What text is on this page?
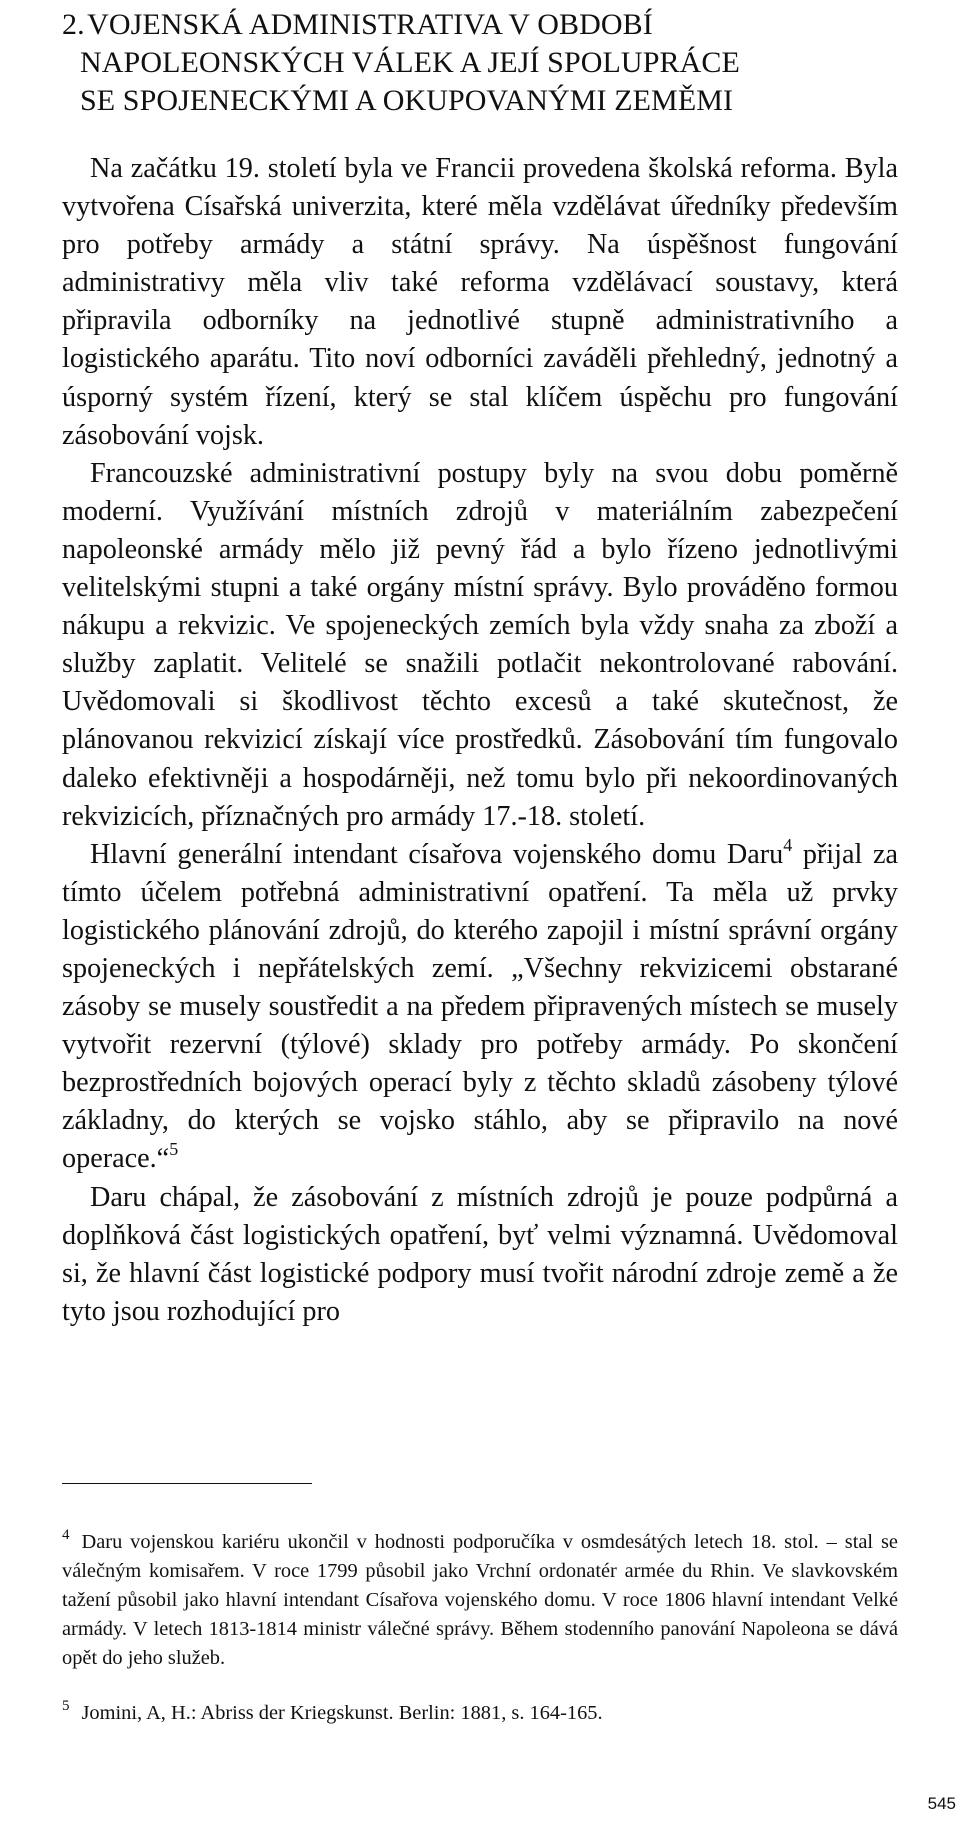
2. VOJENSKÁ ADMINISTRATIVA V OBDOBÍ
NAPOLEONSKÝCH VÁLEK A JEJÍ SPOLUPRÁCE
SE SPOJENECKÝMI A OKUPOVANÝMI ZEMĚMI

Na začátku 19. století byla ve Francii provedena školská reforma. Byla vytvořena Císařská univerzita, které měla vzdělávat úředníky především pro potřeby armády a státní správy. Na úspěšnost fungování administrativy měla vliv také reforma vzdělávací soustavy, která připravila odborníky na jednotlivé stupně administrativního a logistického aparátu. Tito noví odborníci zaváděli přehledný, jednotný a úsporný systém řízení, který se stal klíčem úspěchu pro fungování zásobování vojsk.

Francouzské administrativní postupy byly na svou dobu poměrně moderní. Využívání místních zdrojů v materiálním zabezpečení napoleonské armády mělo již pevný řád a bylo řízeno jednotlivými velitelskými stupni a také orgány místní správy. Bylo prováděno formou nákupu a rekvizic. Ve spojeneckých zemích byla vždy snaha za zboží a služby zaplatit. Velitelé se snažili potlačit nekontrolované rabování. Uvědomovali si škodlivost těchto excesů a také skutečnost, že plánovanou rekvizicí získají více prostředků. Zásobování tím fungovalo daleko efektivněji a hospodárněji, než tomu bylo při nekoordinovaných rekvizicích, příznačných pro armády 17.-18. století.

Hlavní generální intendant císařova vojenského domu Daru$^4$ přijal za tímto účelem potřebná administrativní opatření. Ta měla už prvky logistického plánování zdrojů, do kterého zapojil i místní správní orgány spojeneckých i nepřátelských zemí. „Všechny rekvizicemi obstarané zásoby se musely soustředit a na předem připravených místech se musely vytvořit rezervní (týlové) sklady pro potřeby armády. Po skončení bezprostředních bojových operací byly z těchto skladů zásobeny týlové základny, do kterých se vojsko stáhlo, aby se připravilo na nové operace.“$^5$

Daru chápal, že zásobování z místních zdrojů je pouze podpůrná a doplňková část logistických opatření, byť velmi významná. Uvědomoval si, že hlavní část logistické podpory musí tvořit národní zdroje země a že tyto jsou rozhodující pro

$^4$ Daru vojenskou kariéru ukončil v hodnosti podporučíka v osmdesátých letech 18. stol. – stal se válečným komisařem. V roce 1799 působil jako Vrchní ordonatér armée du Rhin. Ve slavkovském tažení působil jako hlavní intendant Císařova vojenského domu. V roce 1806 hlavní intendant Velké armády. V letech 1813-1814 ministr válečné správy. Během stodenního panování Napoleona se dává opět do jeho služeb.

$^5$ Jomini, A, H.: Abriss der Kriegskunst. Berlin: 1881, s. 164-165.

545
